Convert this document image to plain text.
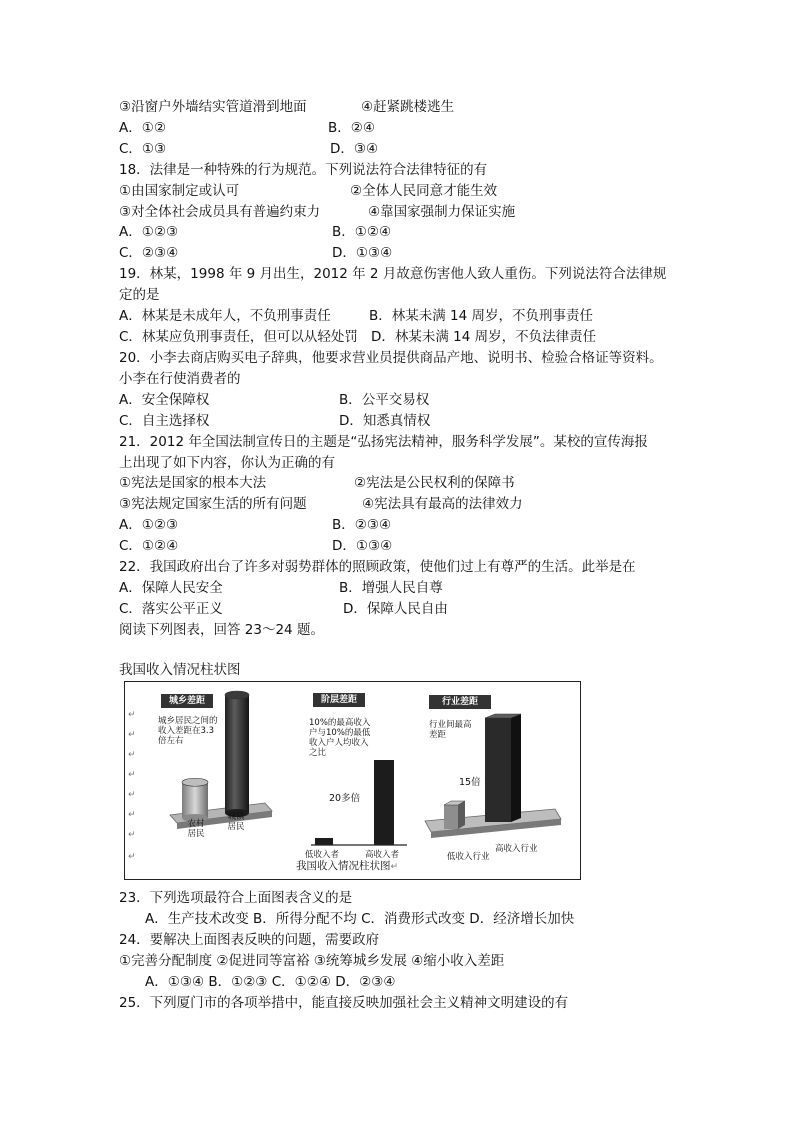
③沿窗户外墙结实管道滑到地面	④赶紧跳楼逃生
A．①②	B．②④
C．①③	D．③④
18．法律是一种特殊的行为规范。下列说法符合法律特征的有
①由国家制定或认可	②全体人民同意才能生效
③对全体社会成员具有普遍约束力	④靠国家强制力保证实施
A．①②③	B．①②④
C．②③④	D．①③④
19．林某，1998 年 9 月出生，2012 年 2 月故意伤害他人致人重伤。下列说法符合法律规
定的是
A．林某是未成年人，不负刑事责任	B．林某未满 14 周岁，不负刑事责任
C．林某应负刑事责任，但可以从轻处罚 D．林某未满 14 周岁，不负法律责任
20．小李去商店购买电子辞典，他要求营业员提供商品产地、说明书、检验合格证等资料。
小李在行使消费者的
A．安全保障权	B．公平交易权
C．自主选择权	D．知悉真情权
21．2012 年全国法制宣传日的主题是“弘扬宪法精神，服务科学发展”。某校的宣传海报
上出现了如下内容，你认为正确的有
①宪法是国家的根本大法	②宪法是公民权利的保障书
③宪法规定国家生活的所有问题	④宪法具有最高的法律效力
A．①②③	B．②③④
C．①②④	D．①③④
22．我国政府出台了许多对弱势群体的照顾政策，使他们过上有尊严的生活。此举是在
A．保障人民安全	B．增强人民自尊
C．落实公平正义	D．保障人民自由
阅读下列图表，回答 23～24 题。
我国收入情况柱状图
↵
↵
↵
↵
↵
↵
↵
↵
城乡差距	阶层差距	行业差距
城乡居民之间的收入差距在3.3倍左右
10%的最高收入户与10%的最低收入户人均收入之比
行业间最高差距
20多倍
15倍
农村居民
城镇居民
低收入者	高收入者	低收入行业
高收入行业
我国收入情况柱状图↵
23．下列选项最符合上面图表含义的是
A．生产技术改变 B．所得分配不均 C．消费形式改变 D．经济增长加快
24．要解决上面图表反映的问题，需要政府
①完善分配制度 ②促进同等富裕 ③统筹城乡发展 ④缩小收入差距
A．①③④ B．①②③ C．①②④ D．②③④
25．下列厦门市的各项举措中，能直接反映加强社会主义精神文明建设的有
